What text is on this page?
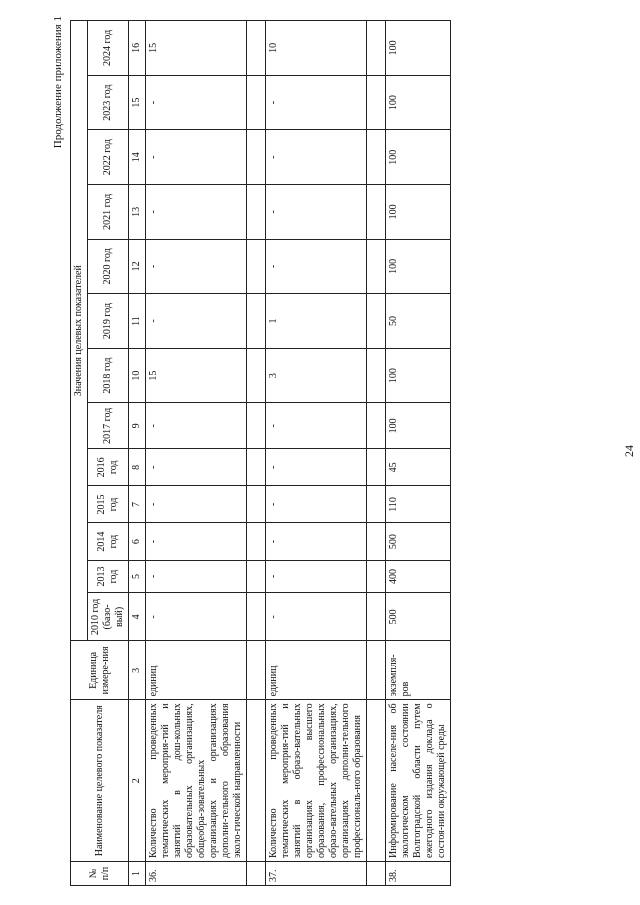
Продолжение приложения 1
№ п/п	Наименование целевого показателя	Единица измере-ния	Значения целевых показателей												
			2010 год (базо-вый)	2013 год	2014 год	2015 год	2016 год	2017 год	2018 год	2019 год	2020 год	2021 год	2022 год	2023 год	2024 год
1	2	3	4	5	6	7	8	9	10	11	12	13	14	15	16
36.	Количество проведенных тематических мероприя-тий и занятий в дош-кольных образовательных организациях, общеобра-зовательных организациях и организациях дополни-тельного образования эколо-гической направленности	единиц	-	-	-	-	-	-	15	-	-	-	-	-	15

37.	Количество проведенных тематических мероприя-тий и занятий в образо-вательных организациях высшего образования, профессиональных образо-вательных организациях, организациях дополни-тельного профессиональ-ного образования	единиц	-	-	-	-	-	-	3	1	-	-	-	-	10

38.	Информирование населе-ния об экологическом состоянии Волгоградской области путем ежегодного издания доклада о состоя-нии окружающей среды	экземпля-ров	500	400	500	110	45	100	100	50	100	100	100	100	100
24
